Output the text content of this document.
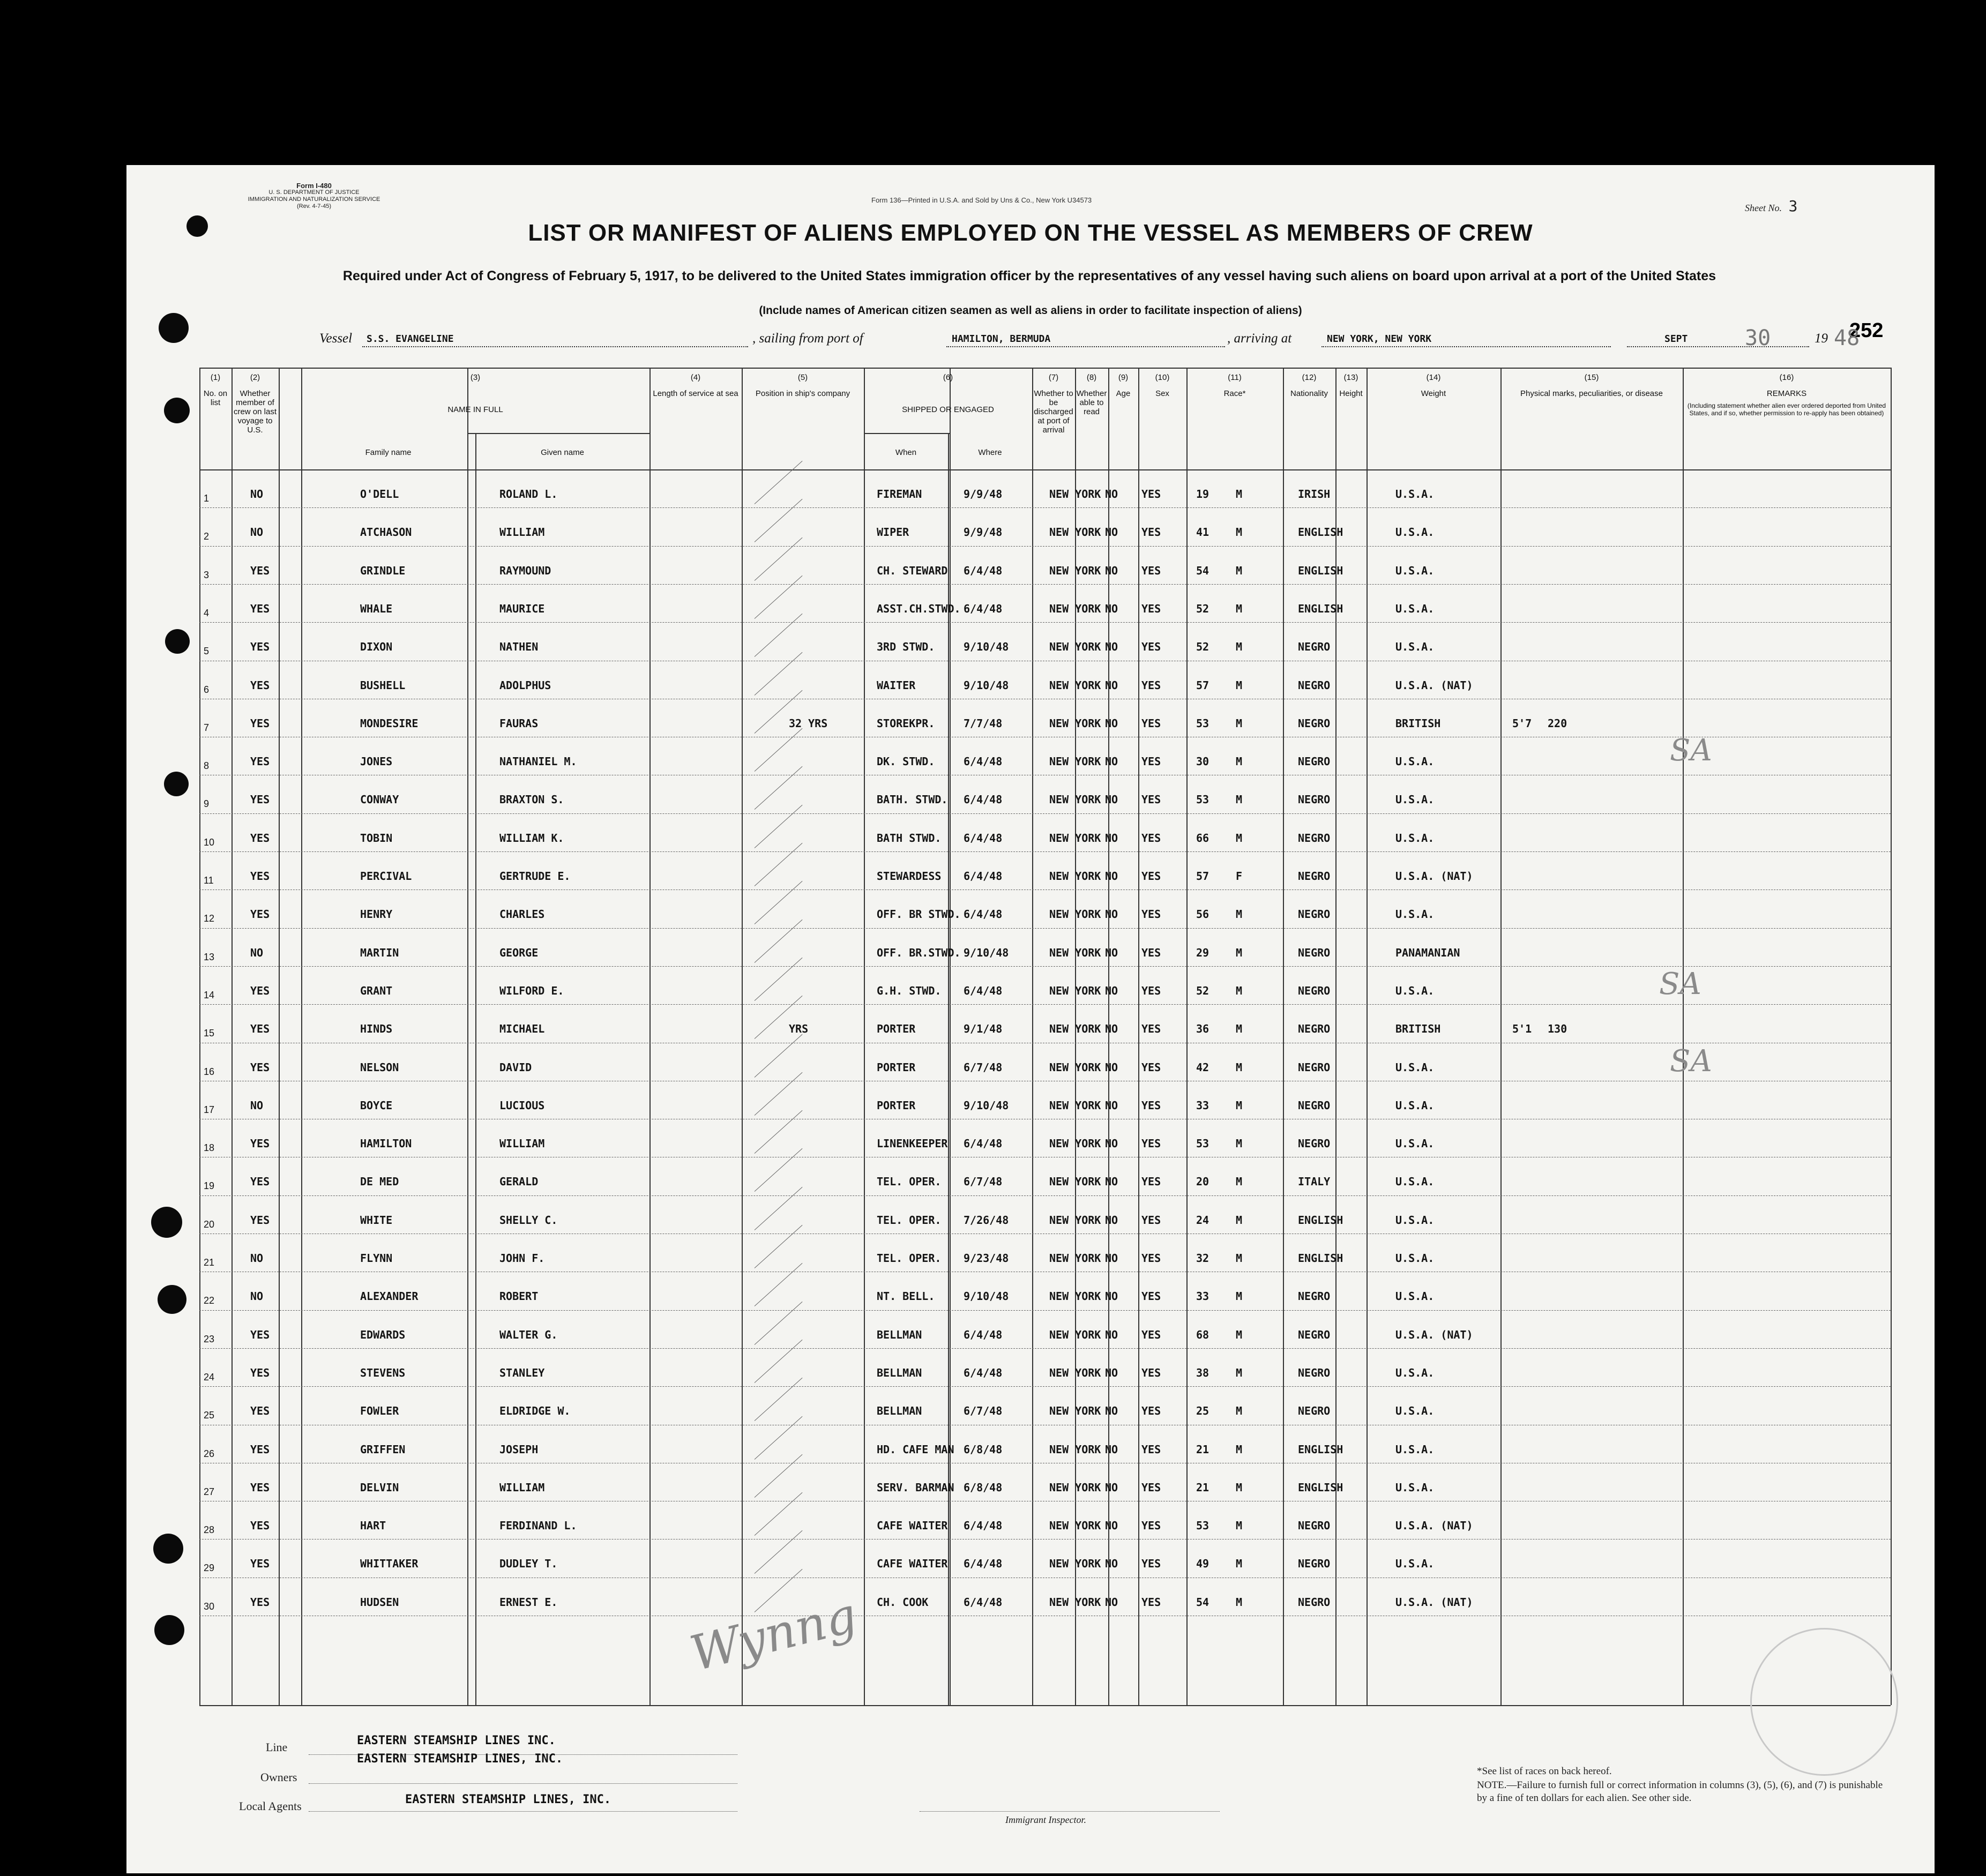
Form I-480
U. S. DEPARTMENT OF JUSTICE
IMMIGRATION AND NATURALIZATION SERVICE
(Rev. 4-7-45)
Form 136—Printed in U.S.A. and Sold by Uns & Co., New York U34573
Sheet No. 3
LIST OR MANIFEST OF ALIENS EMPLOYED ON THE VESSEL AS MEMBERS OF CREW
Required under Act of Congress of February 5, 1917, to be delivered to the United States immigration officer by the representatives of any vessel having such aliens on board upon arrival at a port of the United States
(Include names of American citizen seamen as well as aliens in order to facilitate inspection of aliens)
252
Vessel S.S. EVANGELINE	, sailing from port of	HAMILTON, BERMUDA	, arriving at	NEW YORK, NEW YORK	SEPT	30	19 48
(1)
No. on list
(2)
Whether member of crew on last voyage to U.S.
(3)
NAME IN FULL
Family name	Given name
(4)
Length of service at sea
(5)
Position in ship's company
(6)
SHIPPED OR ENGAGED
When	Where
(7)
Whether to be discharged at port of arrival
(8)
Whether able to read
(9)
Age
(10)
Sex
(11)
Race*
(12)
Nationality
(13)
Height
(14)
Weight
(15)
Physical marks, peculiarities, or disease
(16)
REMARKS
(Including statement whether alien ever ordered deported from United States, and if so, whether permission to re-apply has been obtained)
1	NO	O'DELL	ROLAND L.	FIREMAN	9/9/48	NEW YORK NO YES	19 M	IRISH	U.S.A.
2	NO	ATCHASON	WILLIAM	WIPER	9/9/48	NEW YORK NO YES	41 M	ENGLISH	U.S.A.
3	YES	GRINDLE	RAYMOUND	CH. STEWARD 6/4/48	NEW YORK NO YES	54 M	ENGLISH	U.S.A.
4	YES	WHALE	MAURICE	ASST.CH.STWD. 6/4/48	NEW YORK NO YES	52 M	ENGLISH	U.S.A.
5	YES	DIXON	NATHEN	3RD STWD.	9/10/48	NEW YORK NO YES	52 M	NEGRO	U.S.A.
6	YES	BUSHELL	ADOLPHUS	WAITER	9/10/48	NEW YORK NO YES	57 M	NEGRO	U.S.A. (NAT)
7	YES	MONDESIRE	FAURAS	32 YRS	STOREKPR.	7/7/48	NEW YORK NO YES	53 M	NEGRO	BRITISH	5'7 220
8	YES	JONES	NATHANIEL M.	DK. STWD.	6/4/48	NEW YORK NO YES	30 M	NEGRO	U.S.A.
9	YES	CONWAY	BRAXTON S.	BATH. STWD. 6/4/48	NEW YORK NO YES	53 M	NEGRO	U.S.A.
10	YES	TOBIN	WILLIAM K.	BATH STWD. 6/4/48	NEW YORK NO YES	66 M	NEGRO	U.S.A.
11	YES	PERCIVAL	GERTRUDE E.	STEWARDESS 6/4/48	NEW YORK NO YES	57 F	NEGRO	U.S.A. (NAT)
12	YES	HENRY	CHARLES	OFF. BR STWD. 6/4/48	NEW YORK NO YES	56 M	NEGRO	U.S.A.
13	NO	MARTIN	GEORGE	OFF. BR.STWD. 9/10/48	NEW YORK NO YES	29 M	NEGRO	PANAMANIAN
14	YES	GRANT	WILFORD E.	G.H. STWD. 6/4/48	NEW YORK NO YES	52 M	NEGRO	U.S.A.
15	YES	HINDS	MICHAEL	YRS	PORTER	9/1/48	NEW YORK NO YES	36 M	NEGRO	BRITISH	5'1 130
16	YES	NELSON	DAVID	PORTER	6/7/48	NEW YORK NO YES	42 M	NEGRO	U.S.A.
17	NO	BOYCE	LUCIOUS	PORTER	9/10/48	NEW YORK NO YES	33 M	NEGRO	U.S.A.
18	YES	HAMILTON	WILLIAM	LINENKEEPER 6/4/48	NEW YORK NO YES	53 M	NEGRO	U.S.A.
19	YES	DE MED	GERALD	TEL. OPER. 6/7/48	NEW YORK NO YES	20 M	ITALY	U.S.A.
20	YES	WHITE	SHELLY C.	TEL. OPER. 7/26/48	NEW YORK NO YES	24 M	ENGLISH	U.S.A.
21	NO	FLYNN	JOHN F.	TEL. OPER. 9/23/48	NEW YORK NO YES	32 M	ENGLISH	U.S.A.
22	NO	ALEXANDER	ROBERT	NT. BELL.	9/10/48	NEW YORK NO YES	33 M	NEGRO	U.S.A.
23	YES	EDWARDS	WALTER G.	BELLMAN	6/4/48	NEW YORK NO YES	68 M	NEGRO	U.S.A. (NAT)
24	YES	STEVENS	STANLEY	BELLMAN	6/4/48	NEW YORK NO YES	38 M	NEGRO	U.S.A.
25	YES	FOWLER	ELDRIDGE W.	BELLMAN	6/7/48	NEW YORK NO YES	25 M	NEGRO	U.S.A.
26	YES	GRIFFEN	JOSEPH	HD. CAFE MAN 6/8/48	NEW YORK NO YES	21 M	ENGLISH	U.S.A.
27	YES	DELVIN	WILLIAM	SERV. BARMAN 6/8/48	NEW YORK NO YES	21 M	ENGLISH	U.S.A.
28	YES	HART	FERDINAND L.	CAFE WAITER 6/4/48	NEW YORK NO YES	53 M	NEGRO	U.S.A. (NAT)
29	YES	WHITTAKER	DUDLEY T.	CAFE WAITER 6/4/48	NEW YORK NO YES	49 M	NEGRO	U.S.A.
30	YES	HUDSEN	ERNEST E.	CH. COOK	6/4/48	NEW YORK NO YES	54 M	NEGRO	U.S.A. (NAT)
SA
SA
SA
Wynng
Line	EASTERN STEAMSHIP LINES INC.
Owners
EASTERN STEAMSHIP LINES, INC.
Local Agents	EASTERN STEAMSHIP LINES, INC.
Immigrant Inspector.
*See list of races on back hereof.
NOTE.—Failure to furnish full or correct information in columns (3), (5), (6), and (7) is punishable by a fine of ten dollars for each alien. See other side.
